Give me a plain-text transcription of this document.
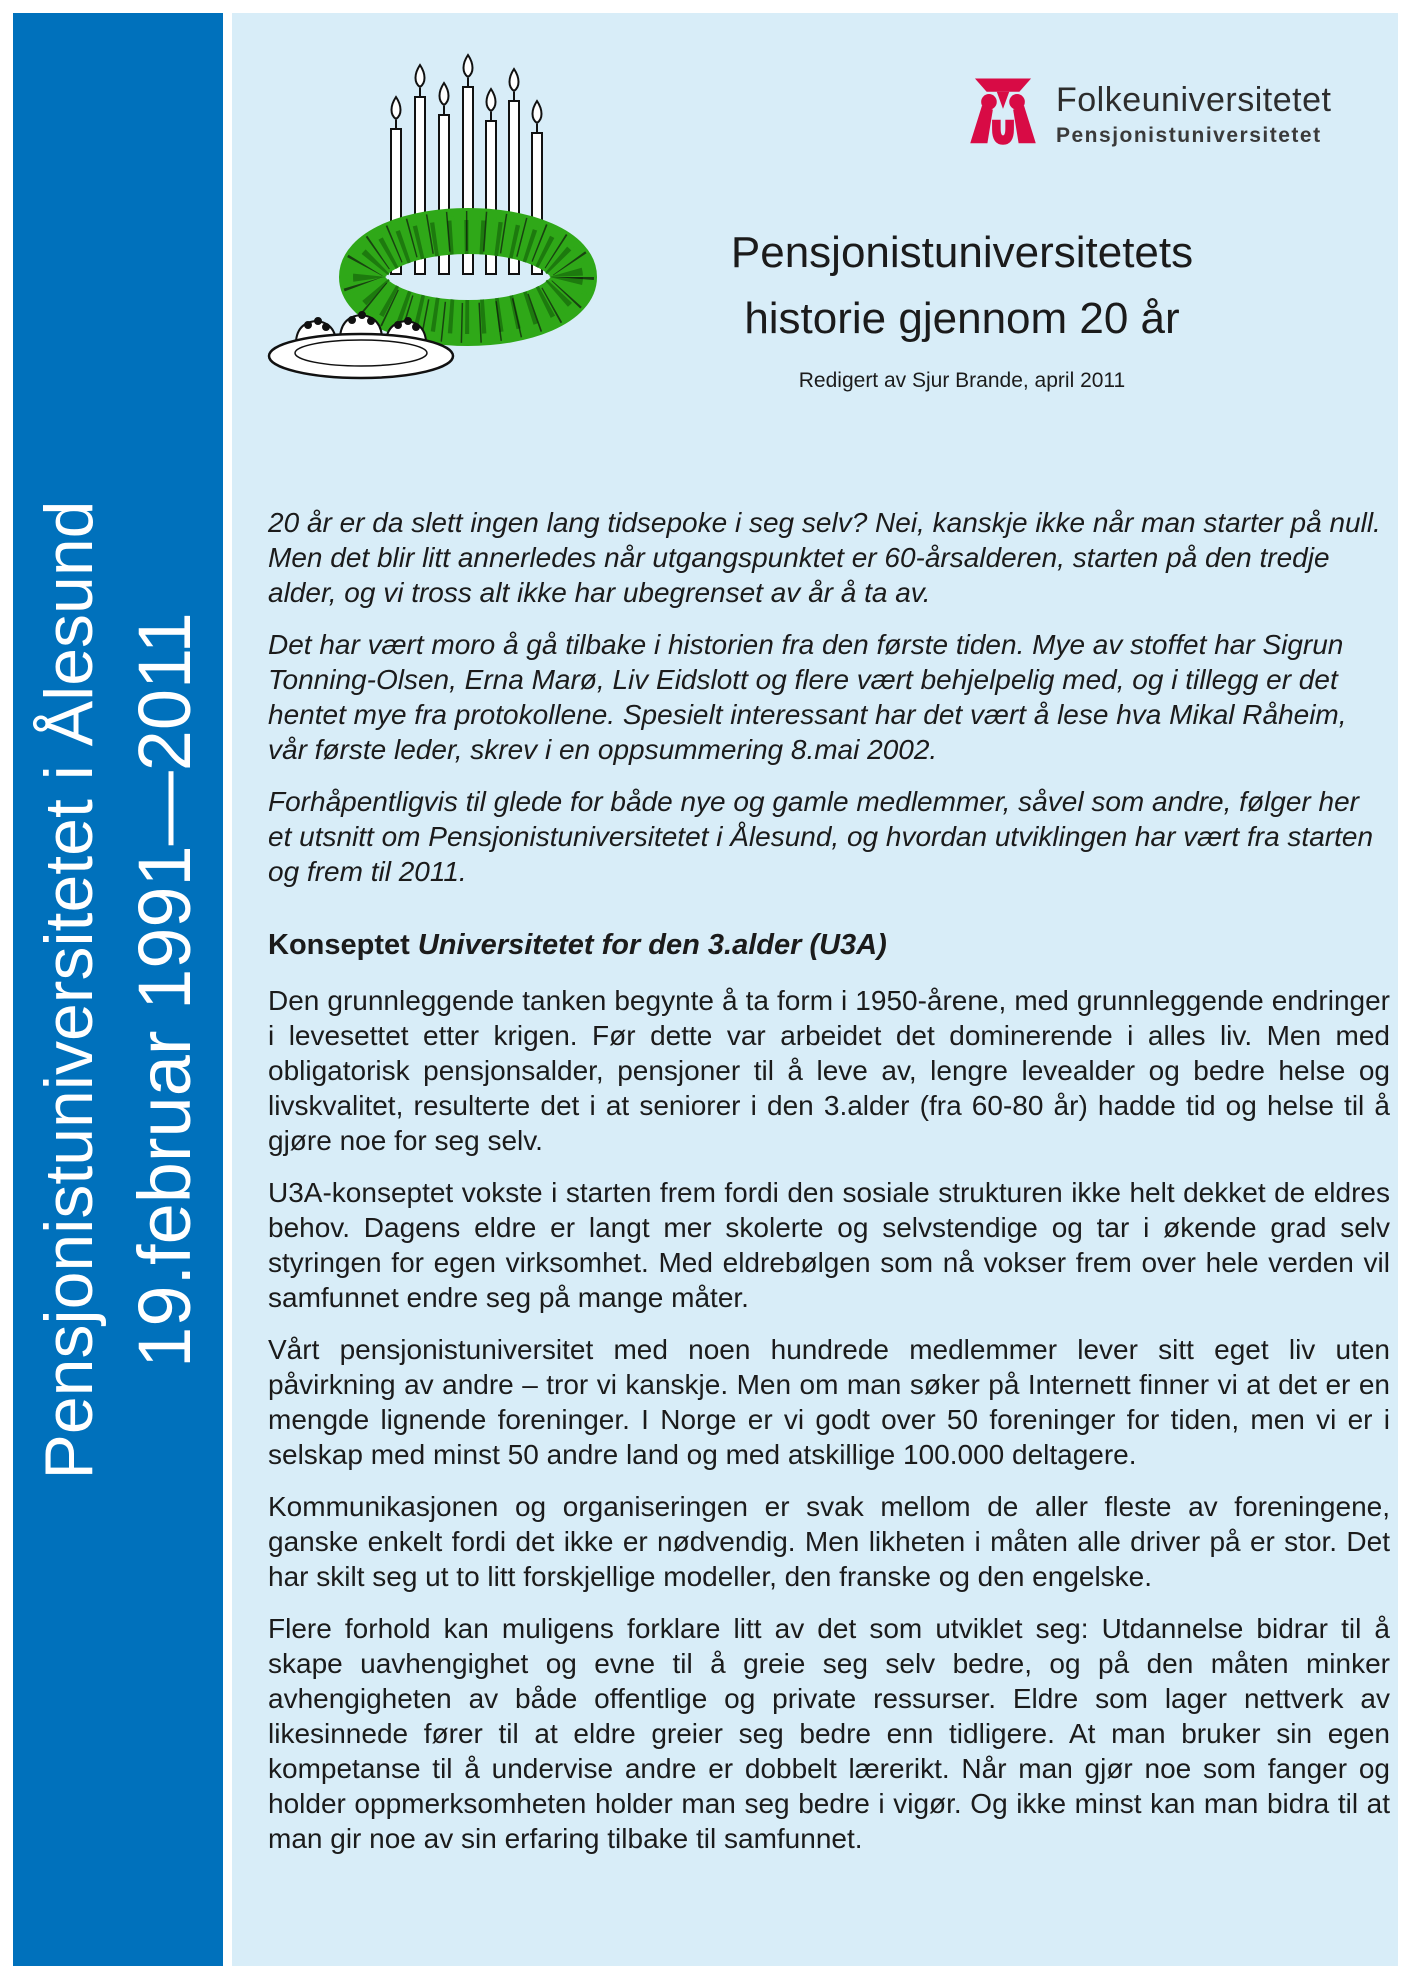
Pensjonistuniversitetet i Ålesund 19.februar 1991—2011
Folkeuniversitetet
Pensjonistuniversitetet
Pensjonistuniversitetets
historie gjennom 20 år
Redigert av Sjur Brande, april 2011

20 år er da slett ingen lang tidsepoke i seg selv? Nei, kanskje ikke når man starter på null. Men det blir litt annerledes når utgangspunktet er 60-årsalderen, starten på den tredje alder, og vi tross alt ikke har ubegrenset av år å ta av.

Det har vært moro å gå tilbake i historien fra den første tiden. Mye av stoffet har Sigrun Tonning-Olsen, Erna Marø, Liv Eidslott og flere vært behjelpelig med, og i tillegg er det hentet mye fra protokollene. Spesielt interessant har det vært å lese hva Mikal Råheim, vår første leder, skrev i en oppsummering 8.mai 2002.

Forhåpentligvis til glede for både nye og gamle medlemmer, såvel som andre, følger her et utsnitt om Pensjonistuniversitetet i Ålesund, og hvordan utviklingen har vært fra starten og frem til 2011.

Konseptet Universitetet for den 3.alder (U3A)

Den grunnleggende tanken begynte å ta form i 1950-årene, med grunnleggende endringer i levesettet etter krigen. Før dette var arbeidet det dominerende i alles liv. Men med obligatorisk pensjonsalder, pensjoner til å leve av, lengre levealder og bedre helse og livskvalitet, resulterte det i at seniorer i den 3.alder (fra 60-80 år) hadde tid og helse til å gjøre noe for seg selv.

U3A-konseptet vokste i starten frem fordi den sosiale strukturen ikke helt dekket de eldres behov. Dagens eldre er langt mer skolerte og selvstendige og tar i økende grad selv styringen for egen virksomhet. Med eldrebølgen som nå vokser frem over hele verden vil samfunnet endre seg på mange måter.

Vårt pensjonistuniversitet med noen hundrede medlemmer lever sitt eget liv uten påvirkning av andre – tror vi kanskje. Men om man søker på Internett finner vi at det er en mengde lignende foreninger. I Norge er vi godt over 50 foreninger for tiden, men vi er i selskap med minst 50 andre land og med atskillige 100.000 deltagere.

Kommunikasjonen og organiseringen er svak mellom de aller fleste av foreningene, ganske enkelt fordi det ikke er nødvendig. Men likheten i måten alle driver på er stor. Det har skilt seg ut to litt forskjellige modeller, den franske og den engelske.

Flere forhold kan muligens forklare litt av det som utviklet seg: Utdannelse bidrar til å skape uavhengighet og evne til å greie seg selv bedre, og på den måten minker avhengigheten av både offentlige og private ressurser. Eldre som lager nettverk av likesinnede fører til at eldre greier seg bedre enn tidligere. At man bruker sin egen kompetanse til å undervise andre er dobbelt lærerikt. Når man gjør noe som fanger og holder oppmerksomheten holder man seg bedre i vigør. Og ikke minst kan man bidra til at man gir noe av sin erfaring tilbake til samfunnet.
